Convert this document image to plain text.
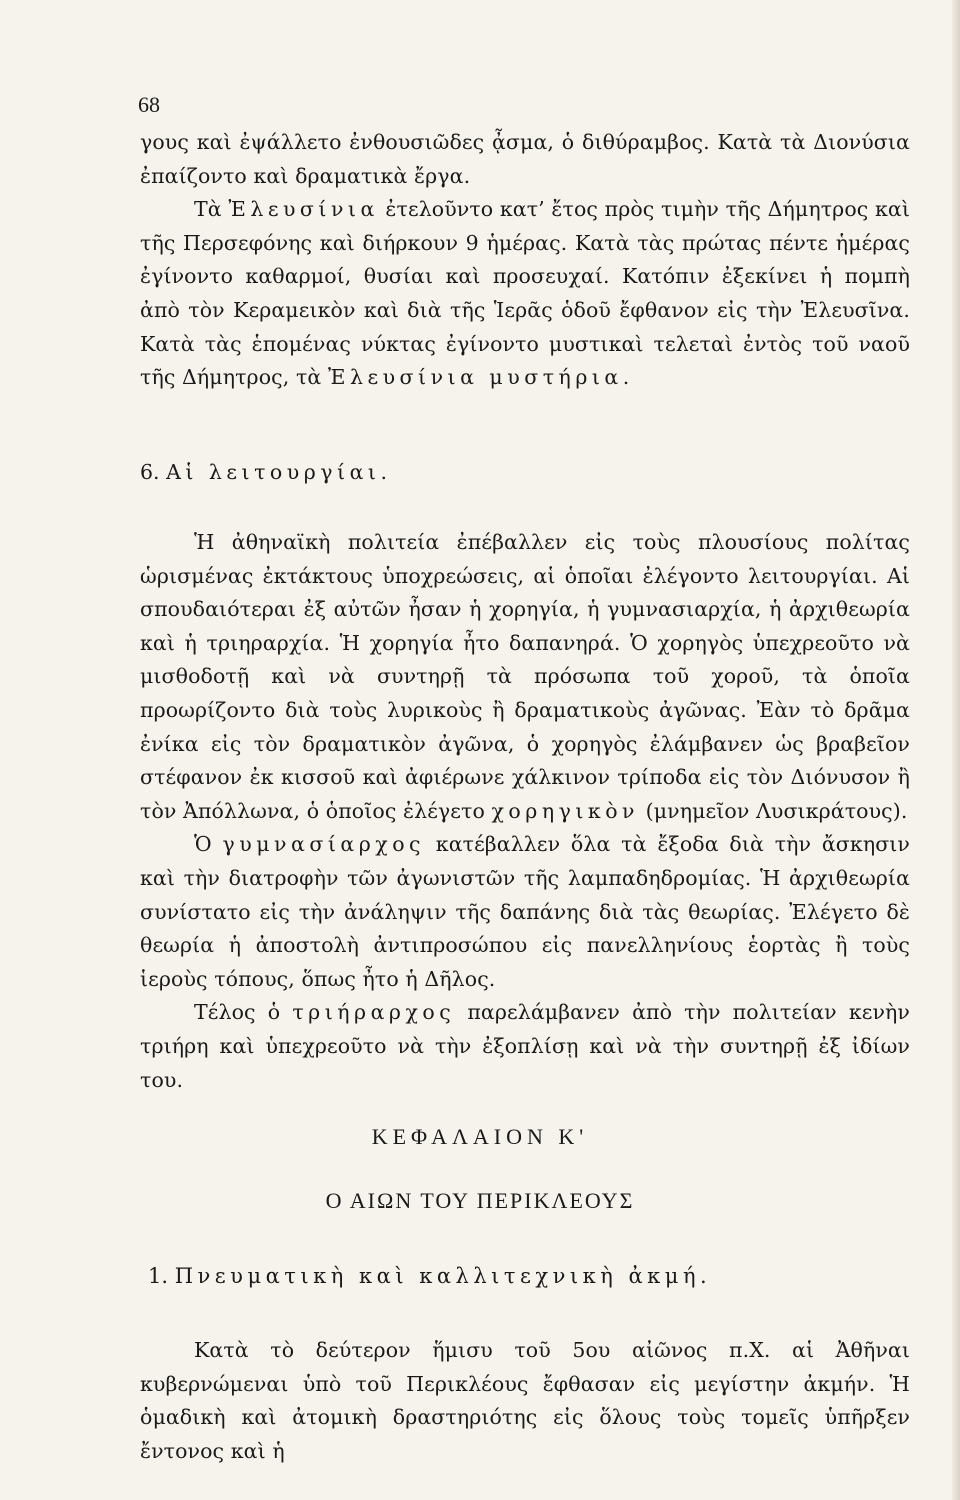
68

γους καὶ ἐψάλλετο ἐνθουσιῶδες ᾆσμα, ὁ διθύραμβος. Κατὰ τὰ Διονύσια ἐπαίζοντο καὶ δραματικὰ ἔργα.

Τὰ Ἐλευσίνια ἐτελοῦντο κατ’ ἔτος πρὸς τιμὴν τῆς Δήμητρος καὶ τῆς Περσεφόνης καὶ διήρκουν 9 ἡμέρας. Κατὰ τὰς πρώτας πέντε ἡμέρας ἐγίνοντο καθαρμοί, θυσίαι καὶ προσευχαί. Κατόπιν ἐξεκίνει ἡ πομπὴ ἀπὸ τὸν Κεραμεικὸν καὶ διὰ τῆς Ἱερᾶς ὁδοῦ ἔφθανον εἰς τὴν Ἐλευσῖνα. Κατὰ τὰς ἑπομένας νύκτας ἐγίνοντο μυστικαὶ τελεταὶ ἐντὸς τοῦ ναοῦ τῆς Δήμητρος, τὰ Ἐλευσίνια μυστήρια.

6. Αἱ λειτουργίαι.

Ἡ ἀθηναϊκὴ πολιτεία ἐπέβαλλεν εἰς τοὺς πλουσίους πολίτας ὡρισμένας ἐκτάκτους ὑποχρεώσεις, αἱ ὁποῖαι ἐλέγοντο λειτουργίαι. Αἱ σπουδαιότεραι ἐξ αὐτῶν ἦσαν ἡ χορηγία, ἡ γυμνασιαρχία, ἡ ἀρχιθεωρία καὶ ἡ τριηραρχία. Ἡ χορηγία ἦτο δαπανηρά. Ὁ χορηγὸς ὑπεχρεοῦτο νὰ μισθοδοτῇ καὶ νὰ συντηρῇ τὰ πρόσωπα τοῦ χοροῦ, τὰ ὁποῖα προωρίζοντο διὰ τοὺς λυρικοὺς ἢ δραματικοὺς ἀγῶνας. Ἐὰν τὸ δρᾶμα ἐνίκα εἰς τὸν δραματικὸν ἀγῶνα, ὁ χορηγὸς ἐλάμβανεν ὡς βραβεῖον στέφανον ἐκ κισσοῦ καὶ ἀφιέρωνε χάλκινον τρίποδα εἰς τὸν Διόνυσον ἢ τὸν Ἀπόλλωνα, ὁ ὁποῖος ἐλέγετο χορηγικὸν (μνημεῖον Λυσικράτους).

Ὁ γυμνασίαρχος κατέβαλλεν ὅλα τὰ ἔξοδα διὰ τὴν ἄσκησιν καὶ τὴν διατροφὴν τῶν ἀγωνιστῶν τῆς λαμπαδηδρομίας. Ἡ ἀρχιθεωρία συνίστατο εἰς τὴν ἀνάληψιν τῆς δαπάνης διὰ τὰς θεωρίας. Ἐλέγετο δὲ θεωρία ἡ ἀποστολὴ ἀντιπροσώπου εἰς πανελληνίους ἑορτὰς ἢ τοὺς ἱεροὺς τόπους, ὅπως ἦτο ἡ Δῆλος.

Τέλος ὁ τριήραρχος παρελάμβανεν ἀπὸ τὴν πολιτείαν κενὴν τριήρη καὶ ὑπεχρεοῦτο νὰ τὴν ἐξοπλίσῃ καὶ νὰ τὴν συντηρῇ ἐξ ἰδίων του.

ΚΕΦΑΛΑΙΟΝ Κ'
Ο ΑΙΩΝ ΤΟΥ ΠΕΡΙΚΛΕΟΥΣ
1. Πνευματικὴ καὶ καλλιτεχνικὴ ἀκμή.

Κατὰ τὸ δεύτερον ἥμισυ τοῦ 5ου αἰῶνος π.Χ. αἱ Ἀθῆναι κυβερνώμεναι ὑπὸ τοῦ Περικλέους ἔφθασαν εἰς μεγίστην ἀκμήν. Ἡ ὁμαδικὴ καὶ ἀτομικὴ δραστηριότης εἰς ὅλους τοὺς τομεῖς ὑπῆρξεν ἔντονος καὶ ἡ
